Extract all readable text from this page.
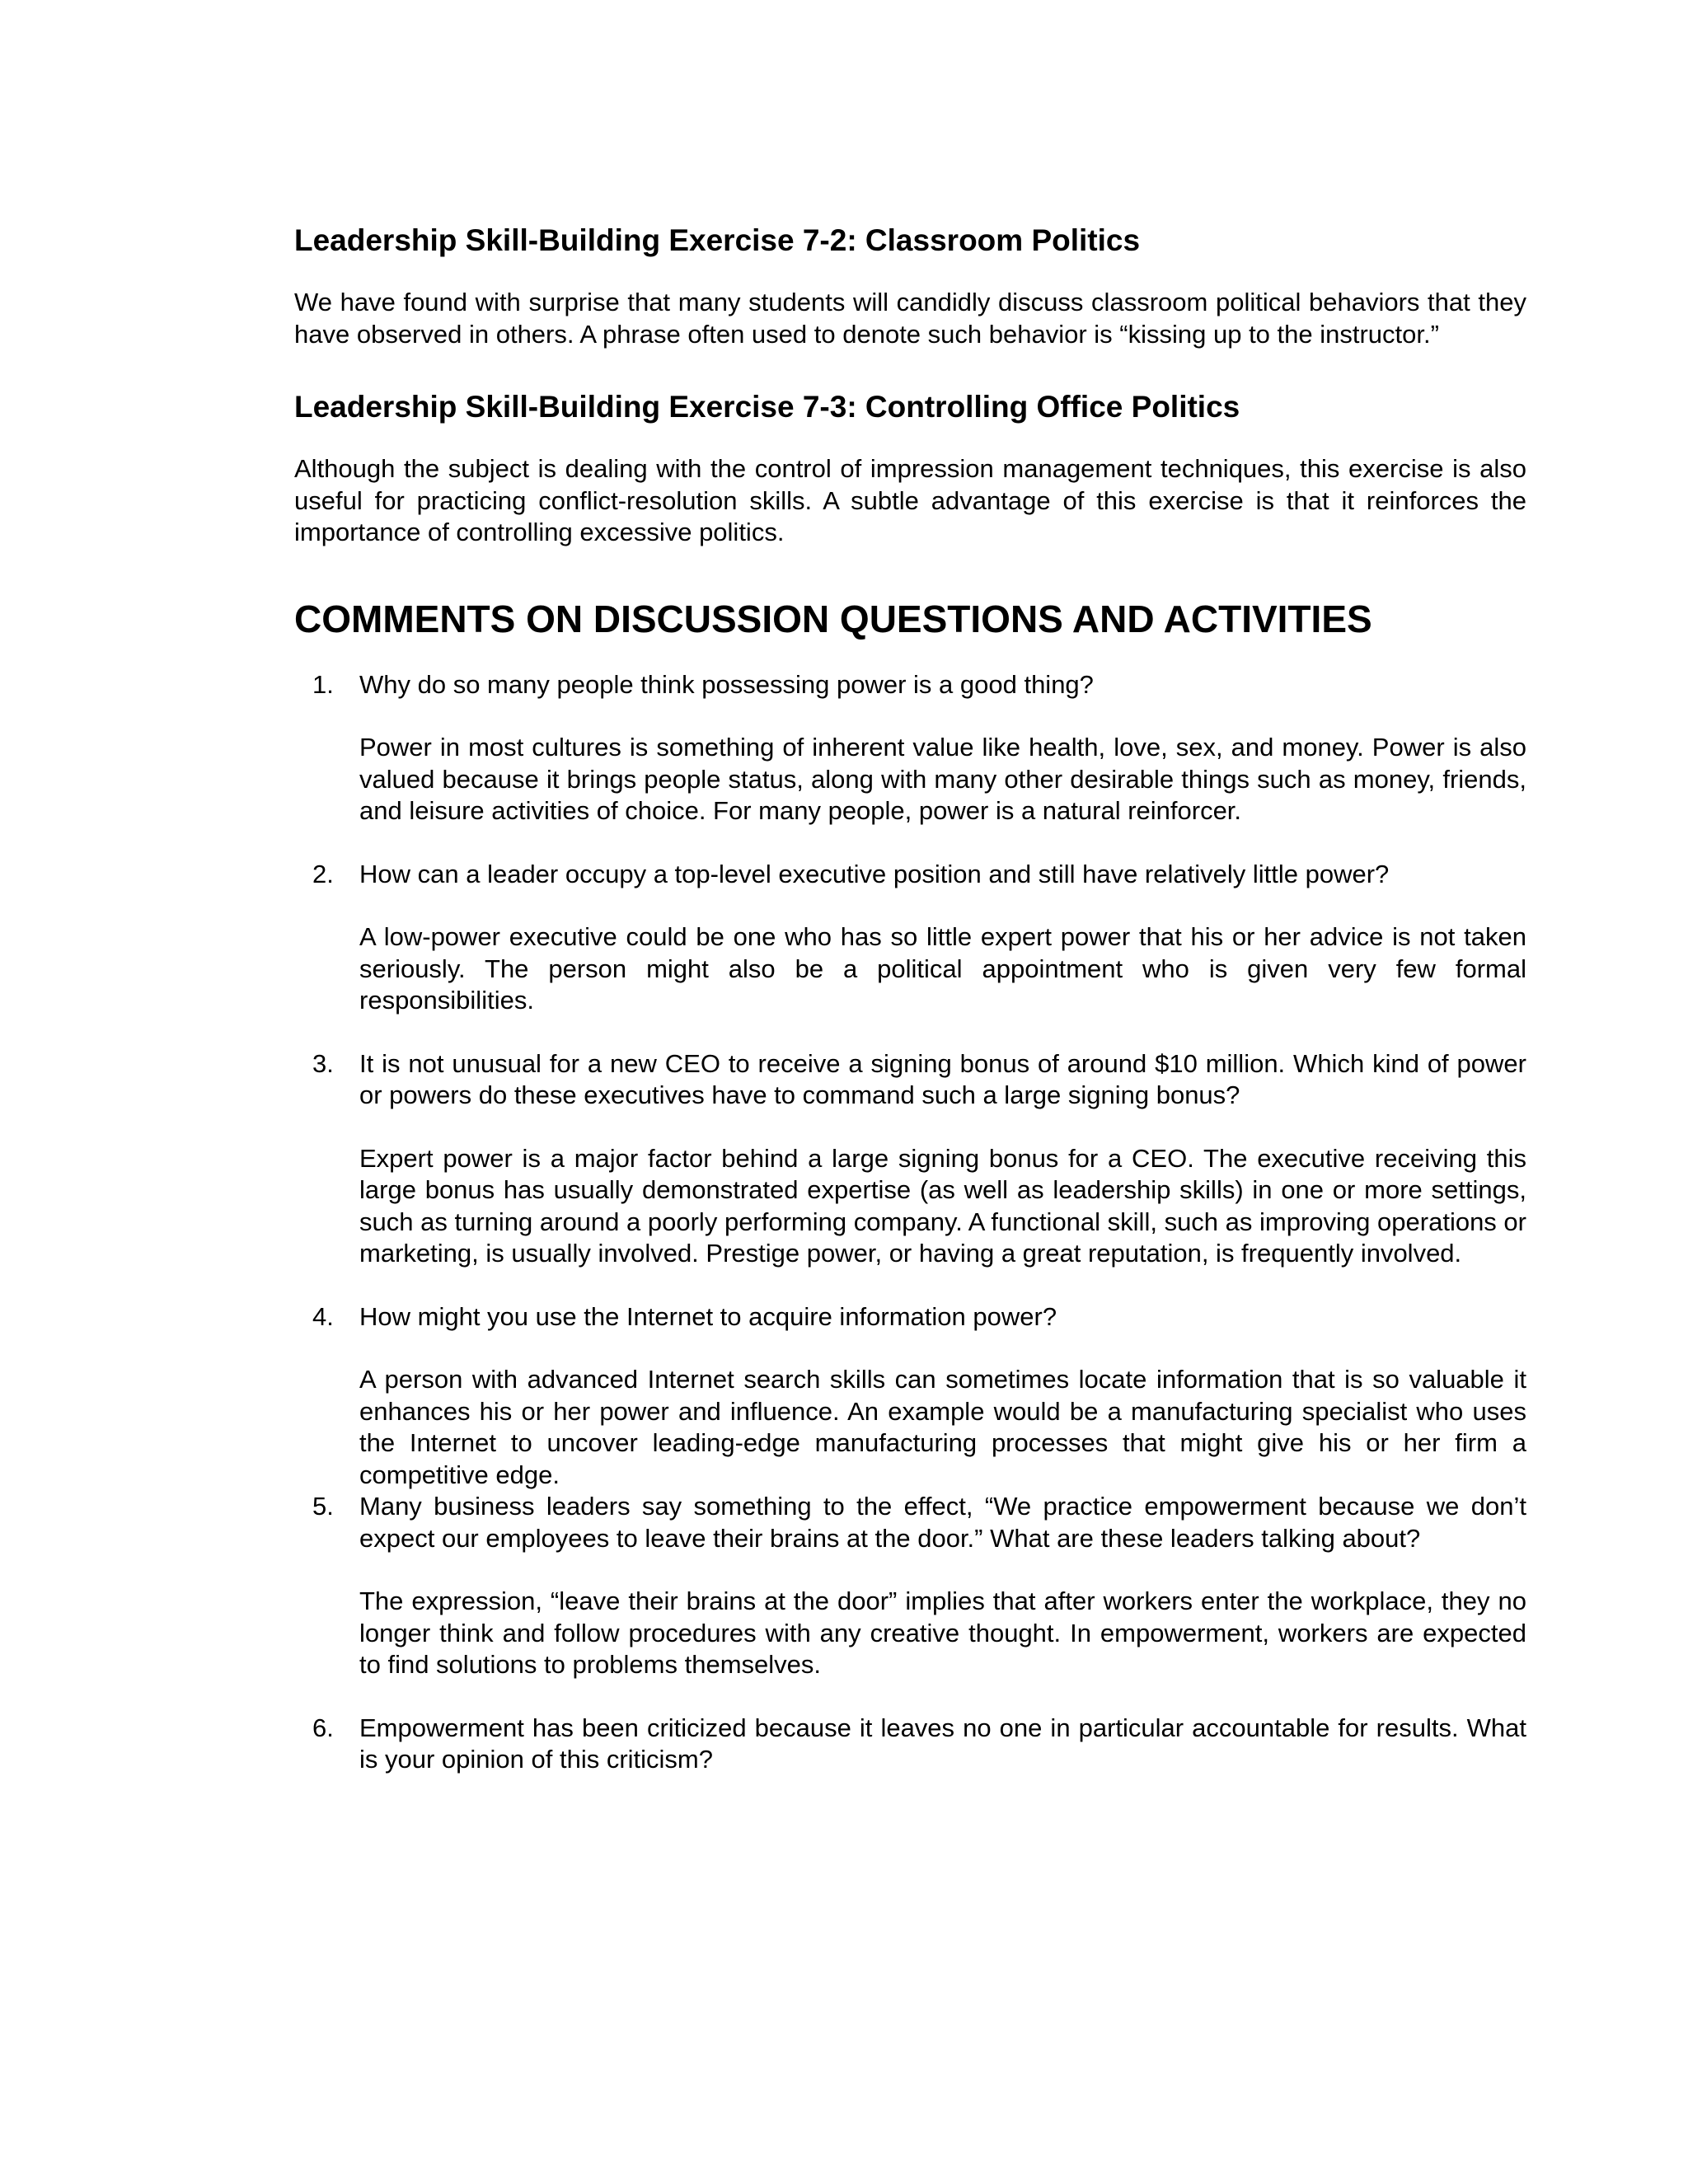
Leadership Skill-Building Exercise 7-2: Classroom Politics

We have found with surprise that many students will candidly discuss classroom political behaviors that they have observed in others. A phrase often used to denote such behavior is “kissing up to the instructor.”

Leadership Skill-Building Exercise 7-3: Controlling Office Politics

Although the subject is dealing with the control of impression management techniques, this exercise is also useful for practicing conflict-resolution skills. A subtle advantage of this exercise is that it reinforces the importance of controlling excessive politics.

COMMENTS ON DISCUSSION QUESTIONS AND ACTIVITIES
1. Why do so many people think possessing power is a good thing?

Power in most cultures is something of inherent value like health, love, sex, and money. Power is also valued because it brings people status, along with many other desirable things such as money, friends, and leisure activities of choice. For many people, power is a natural reinforcer.

2. How can a leader occupy a top-level executive position and still have relatively little power?

A low-power executive could be one who has so little expert power that his or her advice is not taken seriously. The person might also be a political appointment who is given very few formal responsibilities.

3. It is not unusual for a new CEO to receive a signing bonus of around $10 million. Which kind of power or powers do these executives have to command such a large signing bonus?

Expert power is a major factor behind a large signing bonus for a CEO. The executive receiving this large bonus has usually demonstrated expertise (as well as leadership skills) in one or more settings, such as turning around a poorly performing company. A functional skill, such as improving operations or marketing, is usually involved. Prestige power, or having a great reputation, is frequently involved.

4. How might you use the Internet to acquire information power?

A person with advanced Internet search skills can sometimes locate information that is so valuable it enhances his or her power and influence. An example would be a manufacturing specialist who uses the Internet to uncover leading-edge manufacturing processes that might give his or her firm a competitive edge.

5. Many business leaders say something to the effect, “We practice empowerment because we don’t expect our employees to leave their brains at the door.” What are these leaders talking about?

The expression, “leave their brains at the door” implies that after workers enter the workplace, they no longer think and follow procedures with any creative thought. In empowerment, workers are expected to find solutions to problems themselves.

6. Empowerment has been criticized because it leaves no one in particular accountable for results. What is your opinion of this criticism?
